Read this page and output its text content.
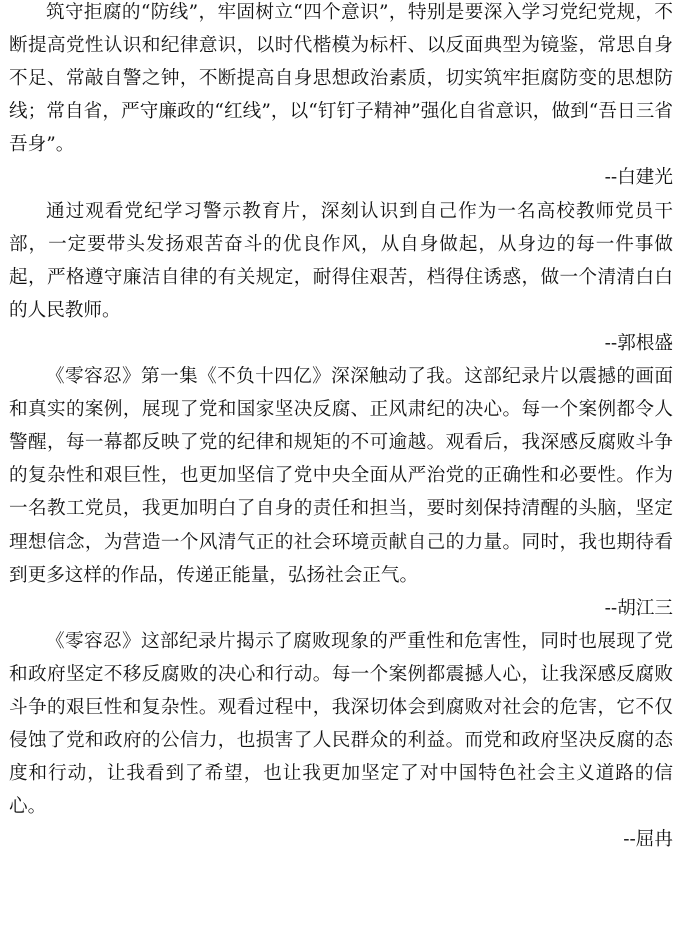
筑守拒腐的“防线”，牢固树立“四个意识”，特别是要深入学习党纪党规，不断提高党性认识和纪律意识，以时代楷模为标杆、以反面典型为镜鉴，常思自身不足、常敲自警之钟，不断提高自身思想政治素质，切实筑牢拒腐防变的思想防线；常自省，严守廉政的“红线”，以“钉钉子精神”强化自省意识，做到“吾日三省吾身”。

--白建光

通过观看党纪学习警示教育片，深刻认识到自己作为一名高校教师党员干部，一定要带头发扬艰苦奋斗的优良作风，从自身做起，从身边的每一件事做起，严格遵守廉洁自律的有关规定，耐得住艰苦，档得住诱惑，做一个清清白白的人民教师。

--郭根盛

《零容忍》第一集《不负十四亿》深深触动了我。这部纪录片以震撼的画面和真实的案例，展现了党和国家坚决反腐、正风肃纪的决心。每一个案例都令人警醒，每一幕都反映了党的纪律和规矩的不可逾越。观看后，我深感反腐败斗争的复杂性和艰巨性，也更加坚信了党中央全面从严治党的正确性和必要性。作为一名教工党员，我更加明白了自身的责任和担当，要时刻保持清醒的头脑，坚定理想信念，为营造一个风清气正的社会环境贡献自己的力量。同时，我也期待看到更多这样的作品，传递正能量，弘扬社会正气。

--胡江三

《零容忍》这部纪录片揭示了腐败现象的严重性和危害性，同时也展现了党和政府坚定不移反腐败的决心和行动。每一个案例都震撼人心，让我深感反腐败斗争的艰巨性和复杂性。观看过程中，我深切体会到腐败对社会的危害，它不仅侵蚀了党和政府的公信力，也损害了人民群众的利益。而党和政府坚决反腐的态度和行动，让我看到了希望，也让我更加坚定了对中国特色社会主义道路的信心。

--屈冉
